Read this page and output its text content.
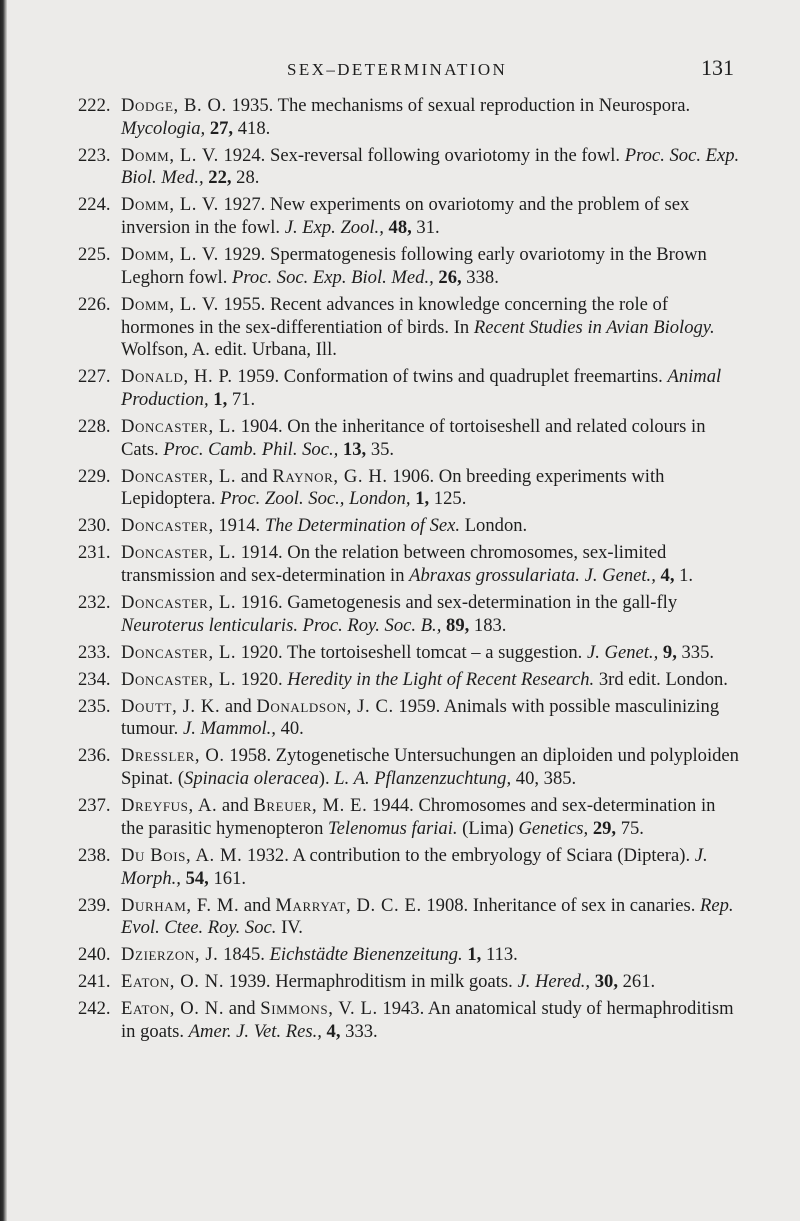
SEX–DETERMINATION	131
222. Dodge, B. O. 1935. The mechanisms of sexual reproduction in Neurospora. Mycologia, 27, 418.
223. Domm, L. V. 1924. Sex-reversal following ovariotomy in the fowl. Proc. Soc. Exp. Biol. Med., 22, 28.
224. Domm, L. V. 1927. New experiments on ovariotomy and the problem of sex inversion in the fowl. J. Exp. Zool., 48, 31.
225. Domm, L. V. 1929. Spermatogenesis following early ovariotomy in the Brown Leghorn fowl. Proc. Soc. Exp. Biol. Med., 26, 338.
226. Domm, L. V. 1955. Recent advances in knowledge concerning the role of hormones in the sex-differentiation of birds. In Recent Studies in Avian Biology. Wolfson, A. edit. Urbana, Ill.
227. Donald, H. P. 1959. Conformation of twins and quadruplet freemartins. Animal Production, 1, 71.
228. Doncaster, L. 1904. On the inheritance of tortoiseshell and related colours in Cats. Proc. Camb. Phil. Soc., 13, 35.
229. Doncaster, L. and Raynor, G. H. 1906. On breeding experiments with Lepidoptera. Proc. Zool. Soc., London, 1, 125.
230. Doncaster, 1914. The Determination of Sex. London.
231. Doncaster, L. 1914. On the relation between chromosomes, sex-limited transmission and sex-determination in Abraxas grossulariata. J. Genet., 4, 1.
232. Doncaster, L. 1916. Gametogenesis and sex-determination in the gall-fly Neuroterus lenticularis. Proc. Roy. Soc. B., 89, 183.
233. Doncaster, L. 1920. The tortoiseshell tomcat – a suggestion. J. Genet., 9, 335.
234. Doncaster, L. 1920. Heredity in the Light of Recent Research. 3rd edit. London.
235. Doutt, J. K. and Donaldson, J. C. 1959. Animals with possible masculinizing tumour. J. Mammol., 40.
236. Dressler, O. 1958. Zytogenetische Untersuchungen an diploiden und polyploiden Spinat. (Spinacia oleracea). L. A. Pflanzenzuchtung, 40, 385.
237. Dreyfus, A. and Breuer, M. E. 1944. Chromosomes and sex-determination in the parasitic hymenopteron Telenomus fariai. (Lima) Genetics, 29, 75.
238. Du Bois, A. M. 1932. A contribution to the embryology of Sciara (Diptera). J. Morph., 54, 161.
239. Durham, F. M. and Marryat, D. C. E. 1908. Inheritance of sex in canaries. Rep. Evol. Ctee. Roy. Soc. IV.
240. Dzierzon, J. 1845. Eichstädte Bienenzeitung. 1, 113.
241. Eaton, O. N. 1939. Hermaphroditism in milk goats. J. Hered., 30, 261.
242. Eaton, O. N. and Simmons, V. L. 1943. An anatomical study of hermaphroditism in goats. Amer. J. Vet. Res., 4, 333.
